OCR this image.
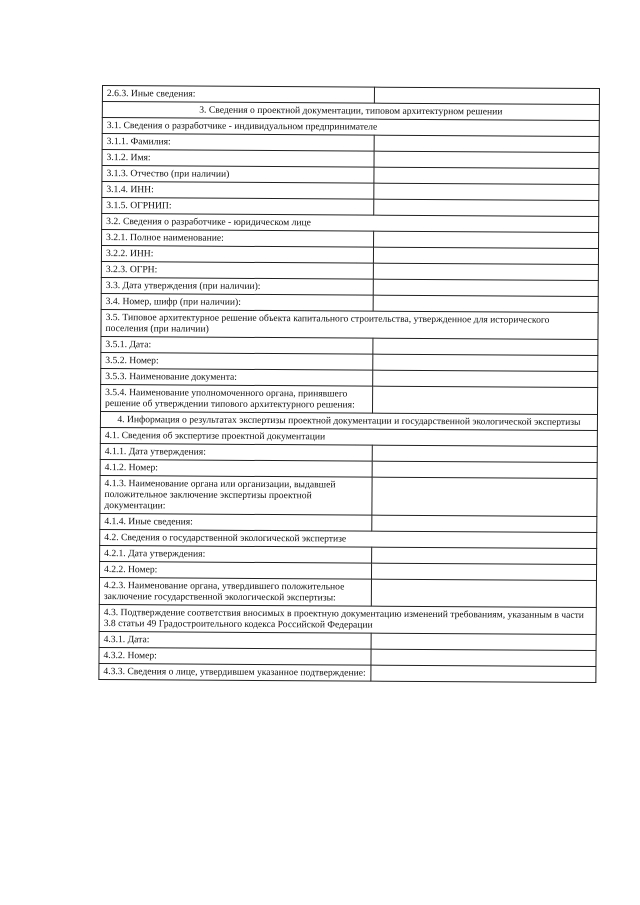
2.6.3. Иные сведения:	
3. Сведения о проектной документации, типовом архитектурном решении	
3.1. Сведения о разработчике - индивидуальном предпринимателе	
3.1.1. Фамилия:	
3.1.2. Имя:	
3.1.3. Отчество (при наличии)	
3.1.4. ИНН:	
3.1.5. ОГРНИП:	
3.2. Сведения о разработчике - юридическом лице	
3.2.1. Полное наименование:	
3.2.2. ИНН:	
3.2.3. ОГРН:	
3.3. Дата утверждения (при наличии):	
3.4. Номер, шифр (при наличии):	
3.5. Типовое архитектурное решение объекта капитального строительства, утвержденное для исторического поселения (при наличии)	
3.5.1. Дата:	
3.5.2. Номер:	
3.5.3. Наименование документа:	
3.5.4. Наименование уполномоченного органа, принявшего решение об утверждении типового архитектурного решения:	
4. Информация о результатах экспертизы проектной документации и государственной экологической экспертизы	
4.1. Сведения об экспертизе проектной документации	
4.1.1. Дата утверждения:	
4.1.2. Номер:	
4.1.3. Наименование органа или организации, выдавшей положительное заключение экспертизы проектной документации:	
4.1.4. Иные сведения:	
4.2. Сведения о государственной экологической экспертизе	
4.2.1. Дата утверждения:	
4.2.2. Номер:	
4.2.3. Наименование органа, утвердившего положительное заключение государственной экологической экспертизы:	
4.3. Подтверждение соответствия вносимых в проектную документацию изменений требованиям, указанным в части 3.8 статьи 49 Градостроительного кодекса Российской Федерации	
4.3.1. Дата:	
4.3.2. Номер:	
4.3.3. Сведения о лице, утвердившем указанное подтверждение:	
